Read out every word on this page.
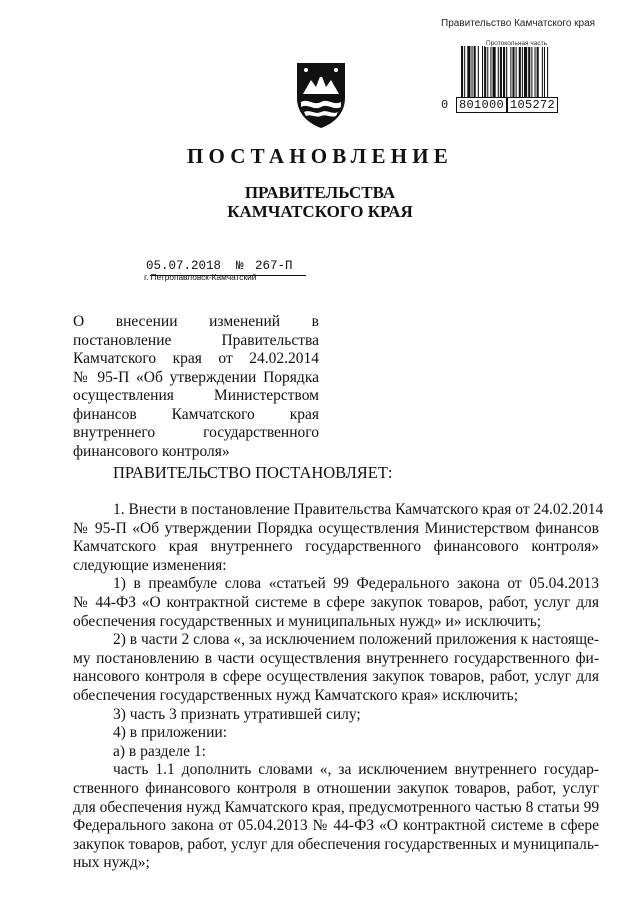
Правительство Камчатского края
Протокольная часть
0 801000 105272
ПОСТАНОВЛЕНИЕ
ПРАВИТЕЛЬСТВА
КАМЧАТСКОГО КРАЯ
05.07.2018 № 267-П
г. Петропавловск-Камчатский
О внесении изменений в
постановление Правительства
Камчатского края от 24.02.2014
№ 95-П «Об утверждении Порядка
осуществления Министерством
финансов Камчатского края
внутреннего государственного
финансового контроля»
ПРАВИТЕЛЬСТВО ПОСТАНОВЛЯЕТ:
1. Внести в постановление Правительства Камчатского края от 24.02.2014
№ 95-П «Об утверждении Порядка осуществления Министерством финансов
Камчатского края внутреннего государственного финансового контроля»
следующие изменения:
1) в преамбуле слова «статьей 99 Федерального закона от 05.04.2013
№ 44-ФЗ «О контрактной системе в сфере закупок товаров, работ, услуг для
обеспечения государственных и муниципальных нужд» и» исключить;
2) в части 2 слова «, за исключением положений приложения к настояще-
му постановлению в части осуществления внутреннего государственного фи-
нансового контроля в сфере осуществления закупок товаров, работ, услуг для
обеспечения государственных нужд Камчатского края» исключить;
3) часть 3 признать утратившей силу;
4) в приложении:
а) в разделе 1:
часть 1.1 дополнить словами «, за исключением внутреннего государ-
ственного финансового контроля в отношении закупок товаров, работ, услуг
для обеспечения нужд Камчатского края, предусмотренного частью 8 статьи 99
Федерального закона от 05.04.2013 № 44-ФЗ «О контрактной системе в сфере
закупок товаров, работ, услуг для обеспечения государственных и муниципаль-
ных нужд»;
